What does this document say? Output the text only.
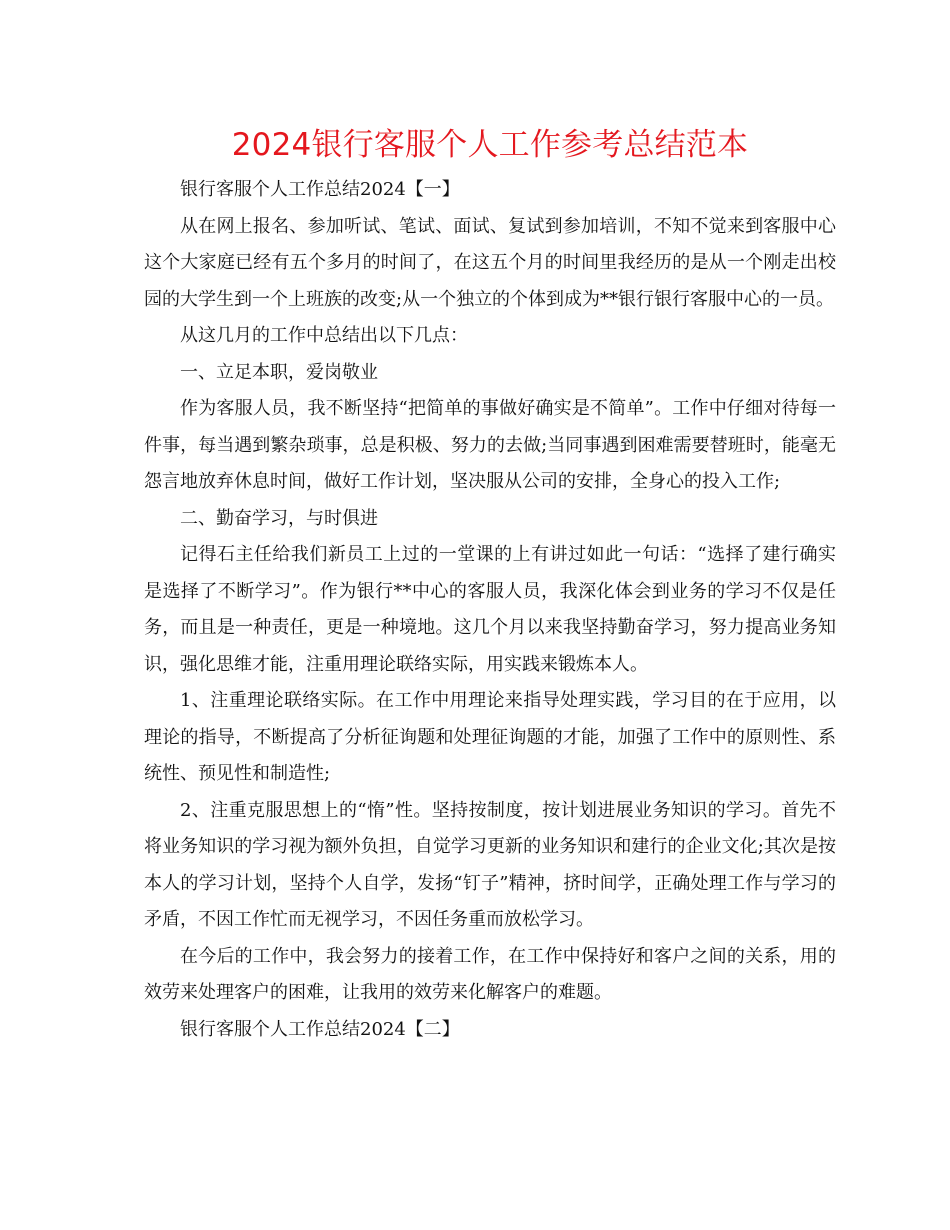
2024银行客服个人工作参考总结范本

银行客服个人工作总结2024【一】

从在网上报名、参加听试、笔试、面试、复试到参加培训，不知不觉来到客服中心这个大家庭已经有五个多月的时间了，在这五个月的时间里我经历的是从一个刚走出校园的大学生到一个上班族的改变;从一个独立的个体到成为**银行银行客服中心的一员。

从这几月的工作中总结出以下几点：

一、立足本职，爱岗敬业

作为客服人员，我不断坚持“把简单的事做好确实是不简单”。工作中仔细对待每一件事，每当遇到繁杂琐事，总是积极、努力的去做;当同事遇到困难需要替班时，能毫无怨言地放弃休息时间，做好工作计划，坚决服从公司的安排，全身心的投入工作;

二、勤奋学习，与时俱进

记得石主任给我们新员工上过的一堂课的上有讲过如此一句话：“选择了建行确实是选择了不断学习”。作为银行**中心的客服人员，我深化体会到业务的学习不仅是任务，而且是一种责任，更是一种境地。这几个月以来我坚持勤奋学习，努力提高业务知识，强化思维才能，注重用理论联络实际，用实践来锻炼本人。

1、注重理论联络实际。在工作中用理论来指导处理实践，学习目的在于应用，以理论的指导，不断提高了分析征询题和处理征询题的才能，加强了工作中的原则性、系统性、预见性和制造性;

2、注重克服思想上的“惰”性。坚持按制度，按计划进展业务知识的学习。首先不将业务知识的学习视为额外负担，自觉学习更新的业务知识和建行的企业文化;其次是按本人的学习计划，坚持个人自学，发扬“钉子”精神，挤时间学，正确处理工作与学习的矛盾，不因工作忙而无视学习，不因任务重而放松学习。

在今后的工作中，我会努力的接着工作，在工作中保持好和客户之间的关系，用的效劳来处理客户的困难，让我用的效劳来化解客户的难题。

银行客服个人工作总结2024【二】
